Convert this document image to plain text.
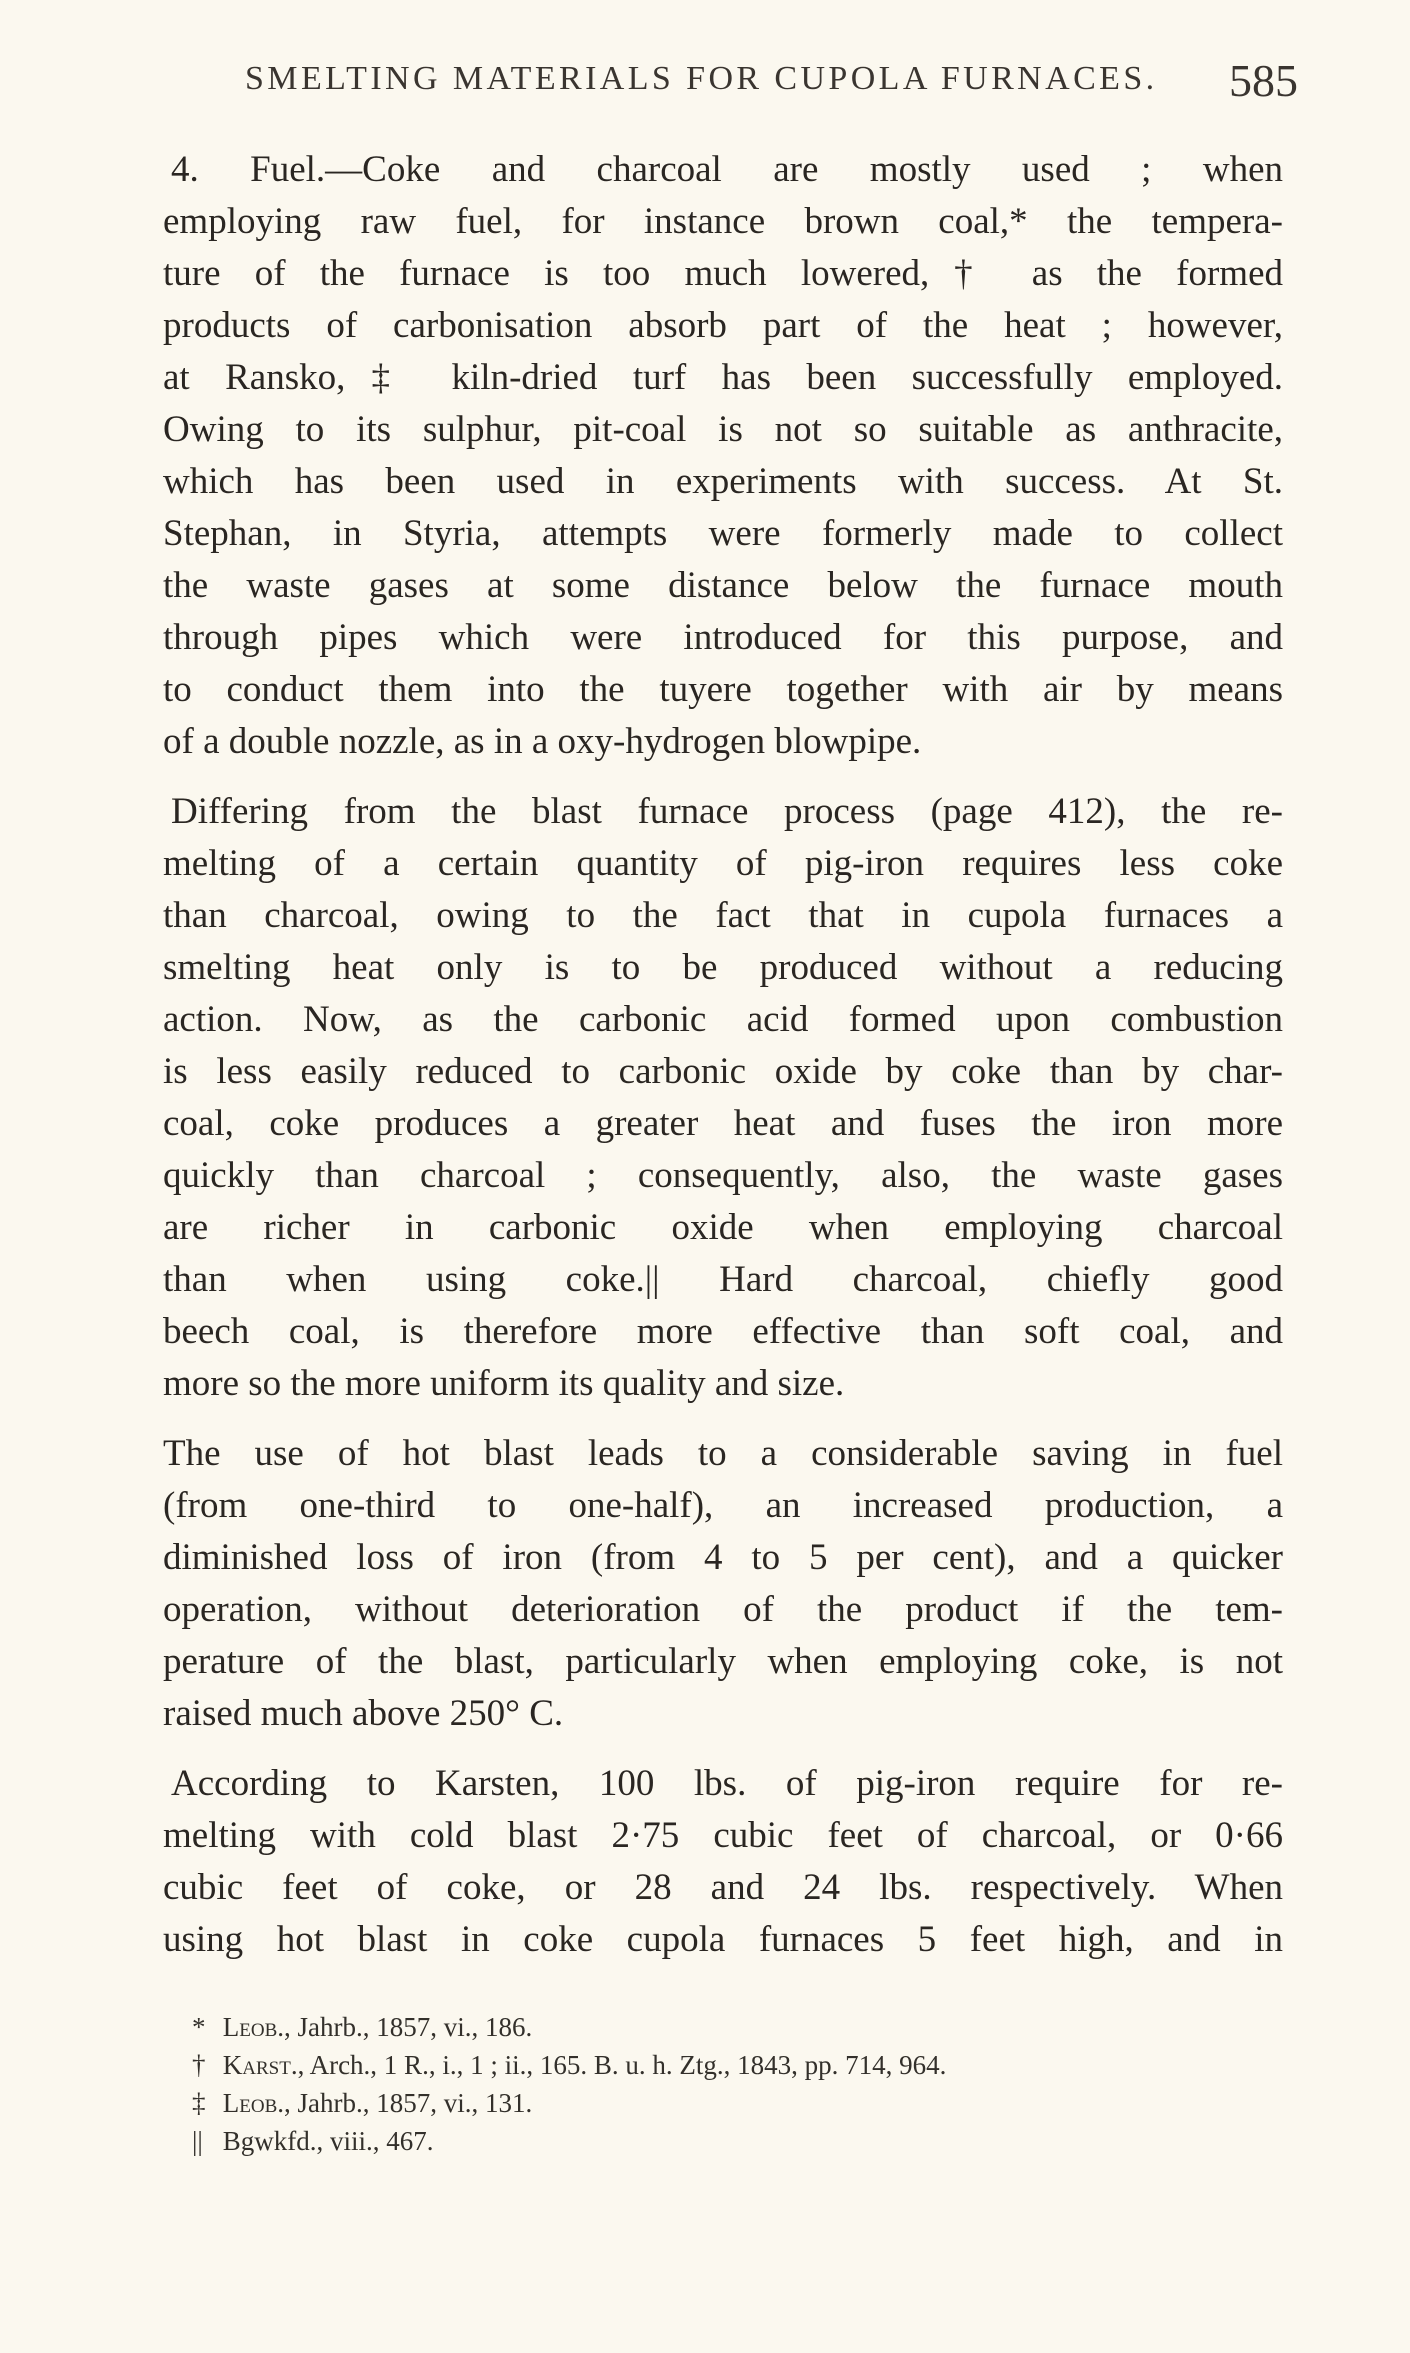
SMELTING MATERIALS FOR CUPOLA FURNACES. 585
4. Fuel.—Coke and charcoal are mostly used ; when
employing raw fuel, for instance brown coal,* the tempera-
ture of the furnace is too much lowered,† as the formed
products of carbonisation absorb part of the heat ; however,
at Ransko,‡ kiln-dried turf has been successfully employed.
Owing to its sulphur, pit-coal is not so suitable as anthracite,
which has been used in experiments with success. At St.
Stephan, in Styria, attempts were formerly made to collect
the waste gases at some distance below the furnace mouth
through pipes which were introduced for this purpose, and
to conduct them into the tuyere together with air by means
of a double nozzle, as in a oxy-hydrogen blowpipe.
Differing from the blast furnace process (page 412), the re-
melting of a certain quantity of pig-iron requires less coke
than charcoal, owing to the fact that in cupola furnaces a
smelting heat only is to be produced without a reducing
action. Now, as the carbonic acid formed upon combustion
is less easily reduced to carbonic oxide by coke than by char-
coal, coke produces a greater heat and fuses the iron more
quickly than charcoal ; consequently, also, the waste gases
are richer in carbonic oxide when employing charcoal
than when using coke.|| Hard charcoal, chiefly good
beech coal, is therefore more effective than soft coal, and
more so the more uniform its quality and size.
The use of hot blast leads to a considerable saving in fuel
(from one-third to one-half), an increased production, a
diminished loss of iron (from 4 to 5 per cent), and a quicker
operation, without deterioration of the product if the tem-
perature of the blast, particularly when employing coke, is not
raised much above 250° C.
According to Karsten, 100 lbs. of pig-iron require for re-
melting with cold blast 2·75 cubic feet of charcoal, or 0·66
cubic feet of coke, or 28 and 24 lbs. respectively. When
using hot blast in coke cupola furnaces 5 feet high, and in
* Leob., Jahrb., 1857, vi., 186.
† Karst., Arch., 1 R., i., 1 ; ii., 165. B. u. h. Ztg., 1843, pp. 714, 964.
‡ Leob., Jahrb., 1857, vi., 131.
|| Bgwkfd., viii., 467.
